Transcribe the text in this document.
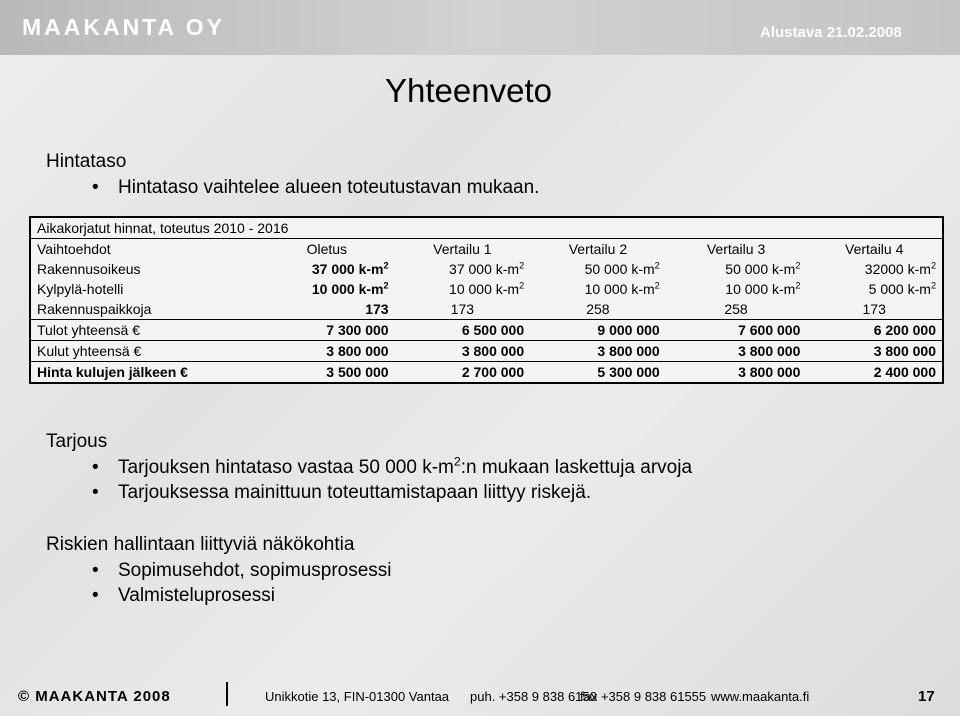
MAAKANTA OY	Alustava 21.02.2008
Yhteenveto
Hintataso
• Hintataso vaihtelee alueen toteutustavan mukaan.
Aikakorjatut hinnat, toteutus 2010 - 2016					
Vaihtoehdot	Oletus	Vertailu 1	Vertailu 2	Vertailu 3	Vertailu 4
Rakennusoikeus	37 000 $k-m^2$	37 000 $k-m^2$	50 000 $k-m^2$	50 000 $k-m^2$	32000 $k-m^2$
Kylpylä-hotelli	10 000 $k-m^2$	10 000 $k-m^2$	10 000 $k-m^2$	10 000 $k-m^2$	5 000 $k-m^2$
Rakennuspaikkoja	173	173	258	258	173
Tulot yhteensä €	7 300 000	6 500 000	9 000 000	7 600 000	6 200 000
Kulut yhteensä €	3 800 000	3 800 000	3 800 000	3 800 000	3 800 000
Hinta kulujen jälkeen €	3 500 000	2 700 000	5 300 000	3 800 000	2 400 000
Tarjous
• Tarjouksen hintataso vastaa 50 000 $k-m^2:n$ mukaan laskettuja arvoja
• Tarjouksessa mainittuun toteuttamistapaan liittyy riskejä.
Riskien hallintaan liittyviä näkökohtia
• Sopimusehdot, sopimusprosessi
• Valmisteluprosessi
© MAAKANTA 2008	Unikkotie 13, FIN-01300 Vantaa puh. +358 9 838 6150
fax +358 9 838 61555 www.maakanta.fi	17
